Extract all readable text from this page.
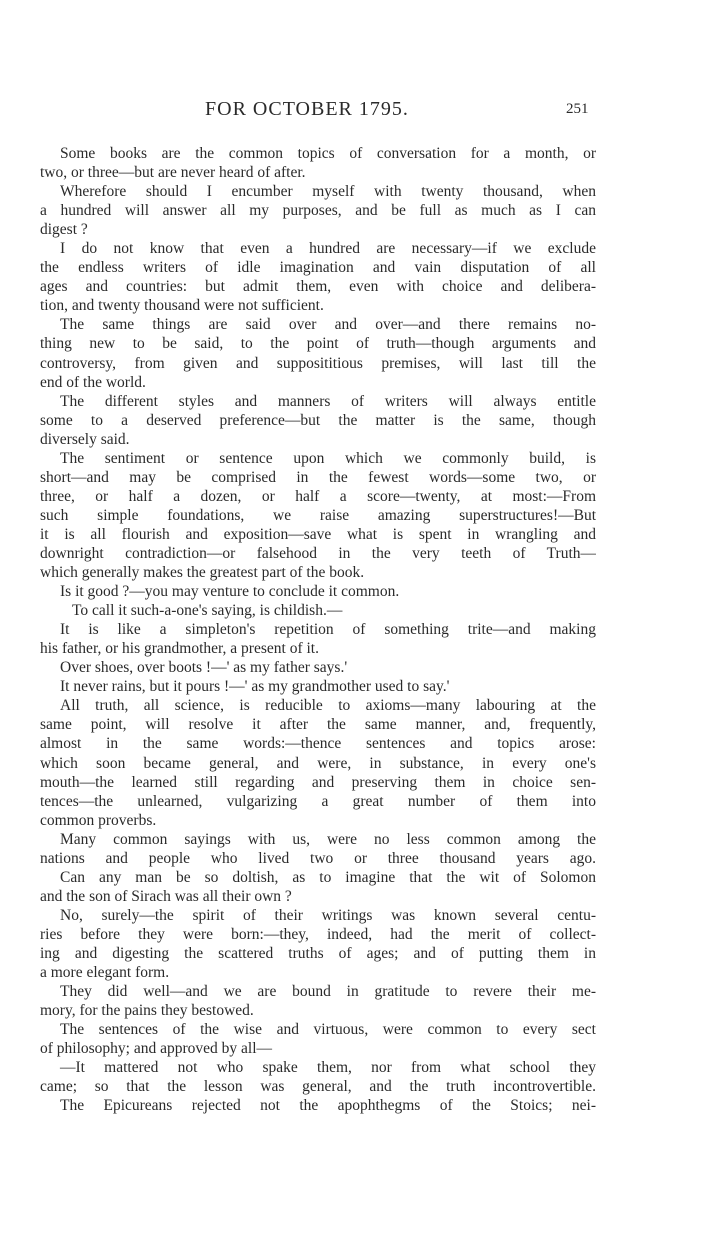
FOR OCTOBER 1795.	251
Some books are the common topics of conversation for a month, or
two, or three—but are never heard of after.
Wherefore should I encumber myself with twenty thousand, when
a hundred will answer all my purposes, and be full as much as I can
digest ?
I do not know that even a hundred are necessary—if we exclude
the endless writers of idle imagination and vain disputation of all
ages and countries: but admit them, even with choice and delibera-
tion, and twenty thousand were not sufficient.
The same things are said over and over—and there remains no-
thing new to be said, to the point of truth—though arguments and
controversy, from given and supposititious premises, will last till the
end of the world.
The different styles and manners of writers will always entitle
some to a deserved preference—but the matter is the same, though
diversely said.
The sentiment or sentence upon which we commonly build, is
short—and may be comprised in the fewest words—some two, or
three, or half a dozen, or half a score—twenty, at most:—From
such simple foundations, we raise amazing superstructures!—But
it is all flourish and exposition—save what is spent in wrangling and
downright contradiction—or falsehood in the very teeth of Truth—
which generally makes the greatest part of the book.
Is it good ?—you may venture to conclude it common.
To call it such-a-one's saying, is childish.—
It is like a simpleton's repetition of something trite—and making
his father, or his grandmother, a present of it.
Over shoes, over boots !—' as my father says.'
It never rains, but it pours !—' as my grandmother used to say.'
All truth, all science, is reducible to axioms—many labouring at the
same point, will resolve it after the same manner, and, frequently,
almost in the same words:—thence sentences and topics arose:
which soon became general, and were, in substance, in every one's
mouth—the learned still regarding and preserving them in choice sen-
tences—the unlearned, vulgarizing a great number of them into
common proverbs.
Many common sayings with us, were no less common among the
nations and people who lived two or three thousand years ago.
Can any man be so doltish, as to imagine that the wit of Solomon
and the son of Sirach was all their own ?
No, surely—the spirit of their writings was known several centu-
ries before they were born:—they, indeed, had the merit of collect-
ing and digesting the scattered truths of ages; and of putting them in
a more elegant form.
They did well—and we are bound in gratitude to revere their me-
mory, for the pains they bestowed.
The sentences of the wise and virtuous, were common to every sect
of philosophy; and approved by all—
—It mattered not who spake them, nor from what school they
came; so that the lesson was general, and the truth incontrovertible.
The Epicureans rejected not the apophthegms of the Stoics; nei-
